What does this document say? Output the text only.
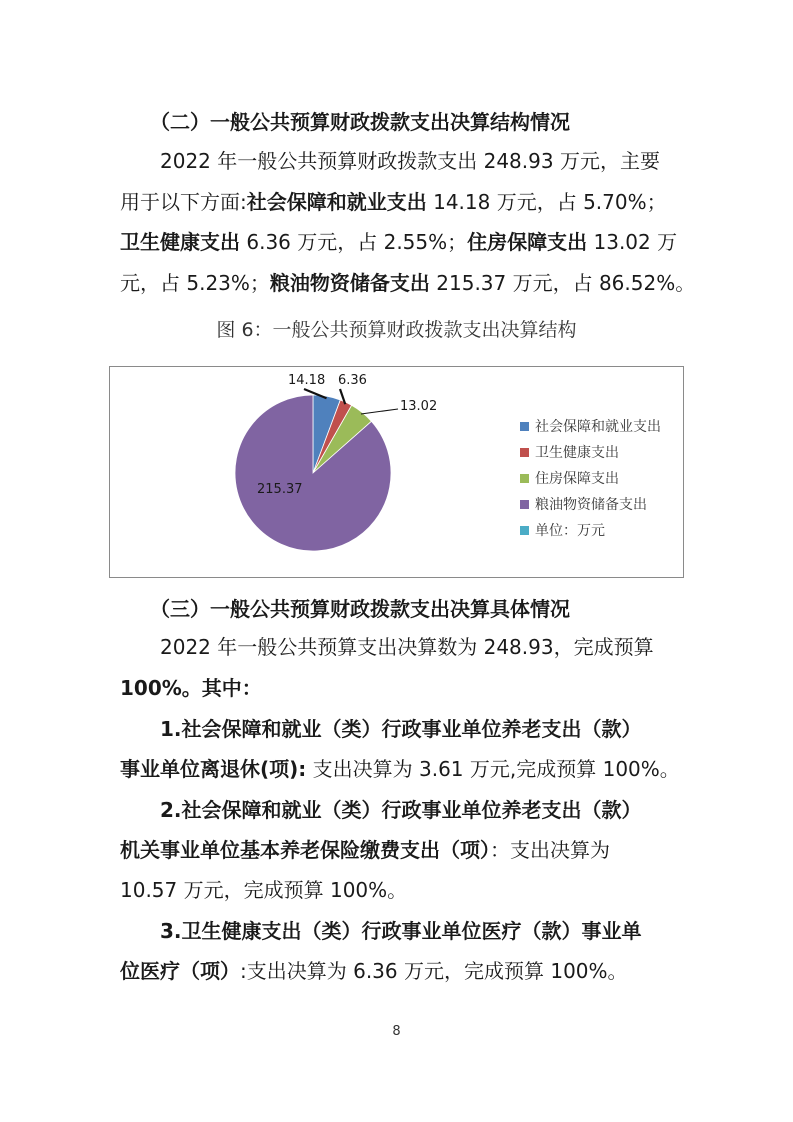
（二）一般公共预算财政拨款支出决算结构情况
2022 年一般公共预算财政拨款支出 248.93 万元，主要
用于以下方面:社会保障和就业支出 14.18 万元，占 5.70%；
卫生健康支出 6.36 万元，占 2.55%；住房保障支出 13.02 万
元，占 5.23%；粮油物资储备支出 215.37 万元，占 86.52%。
图 6：一般公共预算财政拨款支出决算结构
14.18 6.36
13.02
215.37
社会保障和就业支出
卫生健康支出
住房保障支出
粮油物资储备支出
单位：万元
（三）一般公共预算财政拨款支出决算具体情况
2022 年一般公共预算支出决算数为 248.93，完成预算
100%。其中：
1.社会保障和就业（类）行政事业单位养老支出（款）
事业单位离退休(项): 支出决算为 3.61 万元,完成预算 100%。
2.社会保障和就业（类）行政事业单位养老支出（款）
机关事业单位基本养老保险缴费支出（项）：支出决算为
10.57 万元，完成预算 100%。
3.卫生健康支出（类）行政事业单位医疗（款）事业单
位医疗（项）:支出决算为 6.36 万元，完成预算 100%。
8
